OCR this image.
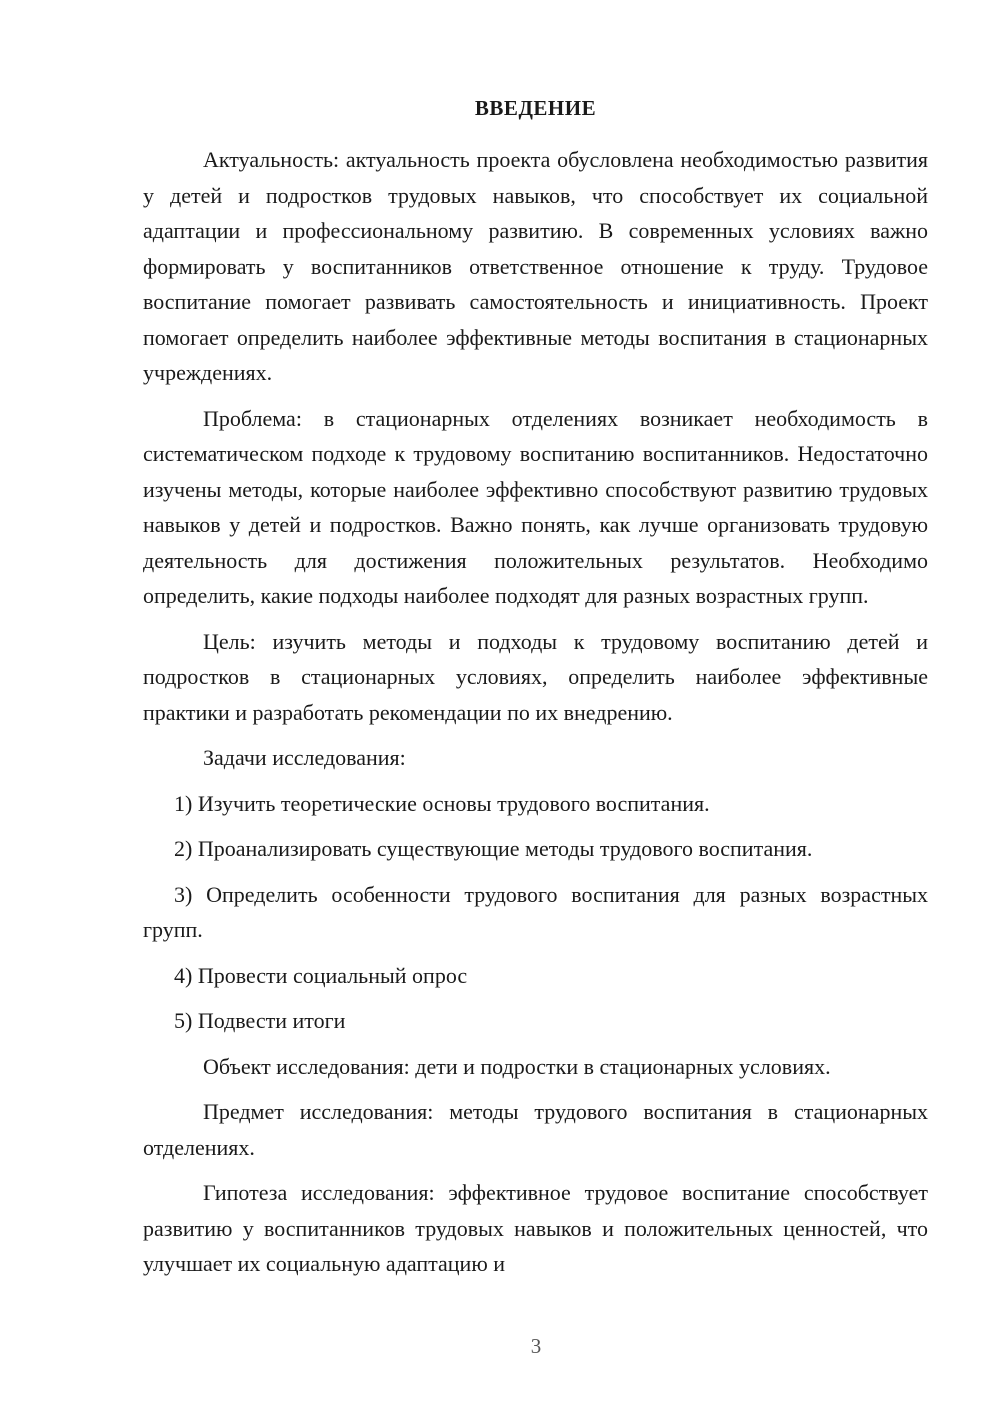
ВВЕДЕНИЕ

Актуальность: актуальность проекта обусловлена необходимостью развития у детей и подростков трудовых навыков, что способствует их социальной адаптации и профессиональному развитию. В современных условиях важно формировать у воспитанников ответственное отношение к труду. Трудовое воспитание помогает развивать самостоятельность и инициативность. Проект помогает определить наиболее эффективные методы воспитания в стационарных учреждениях.

Проблема: в стационарных отделениях возникает необходимость в систематическом подходе к трудовому воспитанию воспитанников. Недостаточно изучены методы, которые наиболее эффективно способствуют развитию трудовых навыков у детей и подростков. Важно понять, как лучше организовать трудовую деятельность для достижения положительных результатов. Необходимо определить, какие подходы наиболее подходят для разных возрастных групп.

Цель: изучить методы и подходы к трудовому воспитанию детей и подростков в стационарных условиях, определить наиболее эффективные практики и разработать рекомендации по их внедрению.

Задачи исследования:

1) Изучить теоретические основы трудового воспитания.

2) Проанализировать существующие методы трудового воспитания.

3) Определить особенности трудового воспитания для разных возрастных групп.

4) Провести социальный опрос

5) Подвести итоги

Объект исследования: дети и подростки в стационарных условиях.

Предмет исследования: методы трудового воспитания в стационарных отделениях.

Гипотеза исследования: эффективное трудовое воспитание способствует развитию у воспитанников трудовых навыков и положительных ценностей, что улучшает их социальную адаптацию и

3
